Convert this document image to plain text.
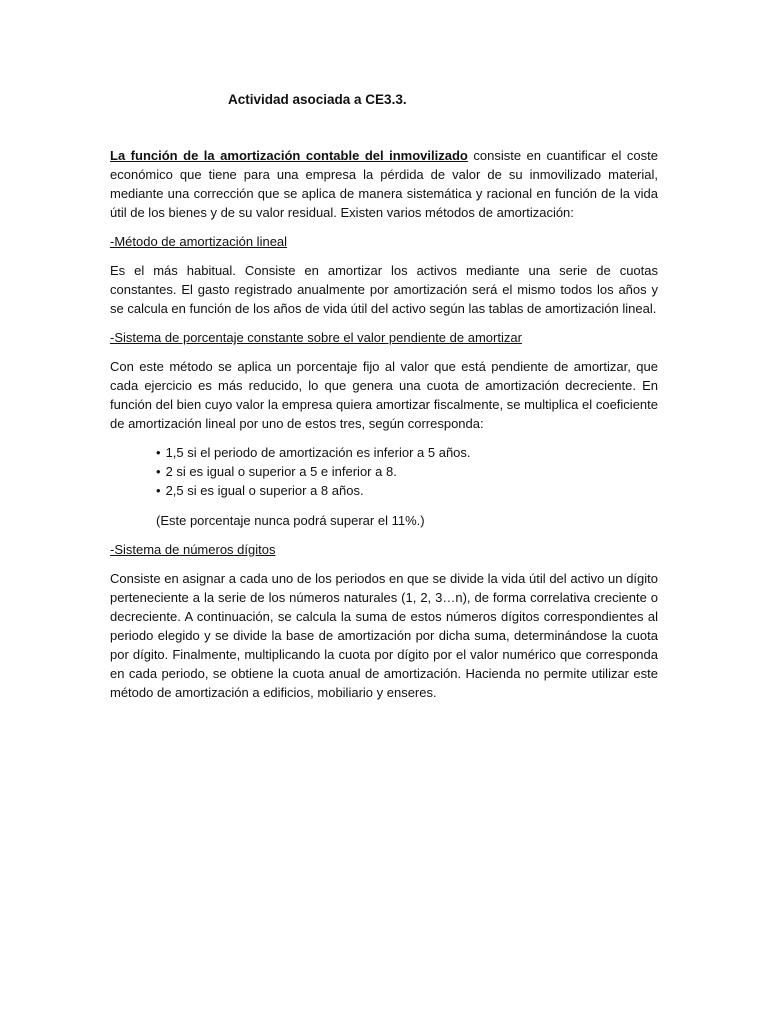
Actividad asociada a CE3.3.

La función de la amortización contable del inmovilizado consiste en cuantificar el coste económico que tiene para una empresa la pérdida de valor de su inmovilizado material, mediante una corrección que se aplica de manera sistemática y racional en función de la vida útil de los bienes y de su valor residual. Existen varios métodos de amortización:

-Método de amortización lineal

Es el más habitual. Consiste en amortizar los activos mediante una serie de cuotas constantes. El gasto registrado anualmente por amortización será el mismo todos los años y se calcula en función de los años de vida útil del activo según las tablas de amortización lineal.

-Sistema de porcentaje constante sobre el valor pendiente de amortizar

Con este método se aplica un porcentaje fijo al valor que está pendiente de amortizar, que cada ejercicio es más reducido, lo que genera una cuota de amortización decreciente. En función del bien cuyo valor la empresa quiera amortizar fiscalmente, se multiplica el coeficiente de amortización lineal por uno de estos tres, según corresponda:

• 1,5 si el periodo de amortización es inferior a 5 años.
• 2 si es igual o superior a 5 e inferior a 8.
• 2,5 si es igual o superior a 8 años.

(Este porcentaje nunca podrá superar el 11%.)

-Sistema de números dígitos

Consiste en asignar a cada uno de los periodos en que se divide la vida útil del activo un dígito perteneciente a la serie de los números naturales (1, 2, 3…n), de forma correlativa creciente o decreciente. A continuación, se calcula la suma de estos números dígitos correspondientes al periodo elegido y se divide la base de amortización por dicha suma, determinándose la cuota por dígito. Finalmente, multiplicando la cuota por dígito por el valor numérico que corresponda en cada periodo, se obtiene la cuota anual de amortización. Hacienda no permite utilizar este método de amortización a edificios, mobiliario y enseres.
